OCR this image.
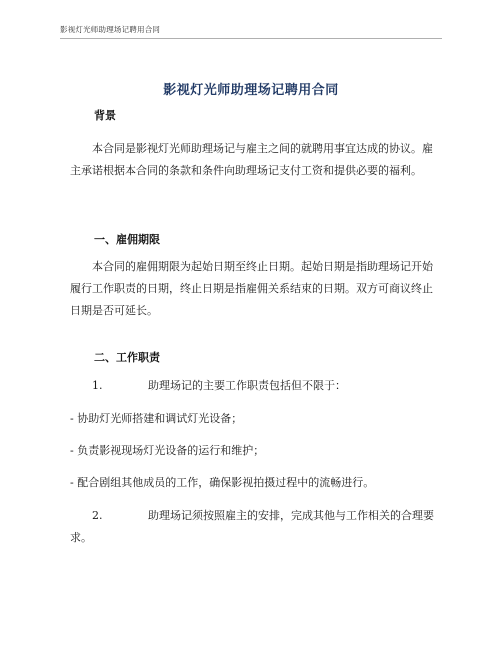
影视灯光师助理场记聘用合同
影视灯光师助理场记聘用合同
背景

本合同是影视灯光师助理场记与雇主之间的就聘用事宜达成的协议。雇主承诺根据本合同的条款和条件向助理场记支付工资和提供必要的福利。

一、雇佣期限

本合同的雇佣期限为起始日期至终止日期。起始日期是指助理场记开始履行工作职责的日期，终止日期是指雇佣关系结束的日期。双方可商议终止日期是否可延长。

二、工作职责

1.	助理场记的主要工作职责包括但不限于：

- 协助灯光师搭建和调试灯光设备；

- 负责影视现场灯光设备的运行和维护；

- 配合剧组其他成员的工作，确保影视拍摄过程中的流畅进行。

2.	助理场记须按照雇主的安排，完成其他与工作相关的合理要求。
